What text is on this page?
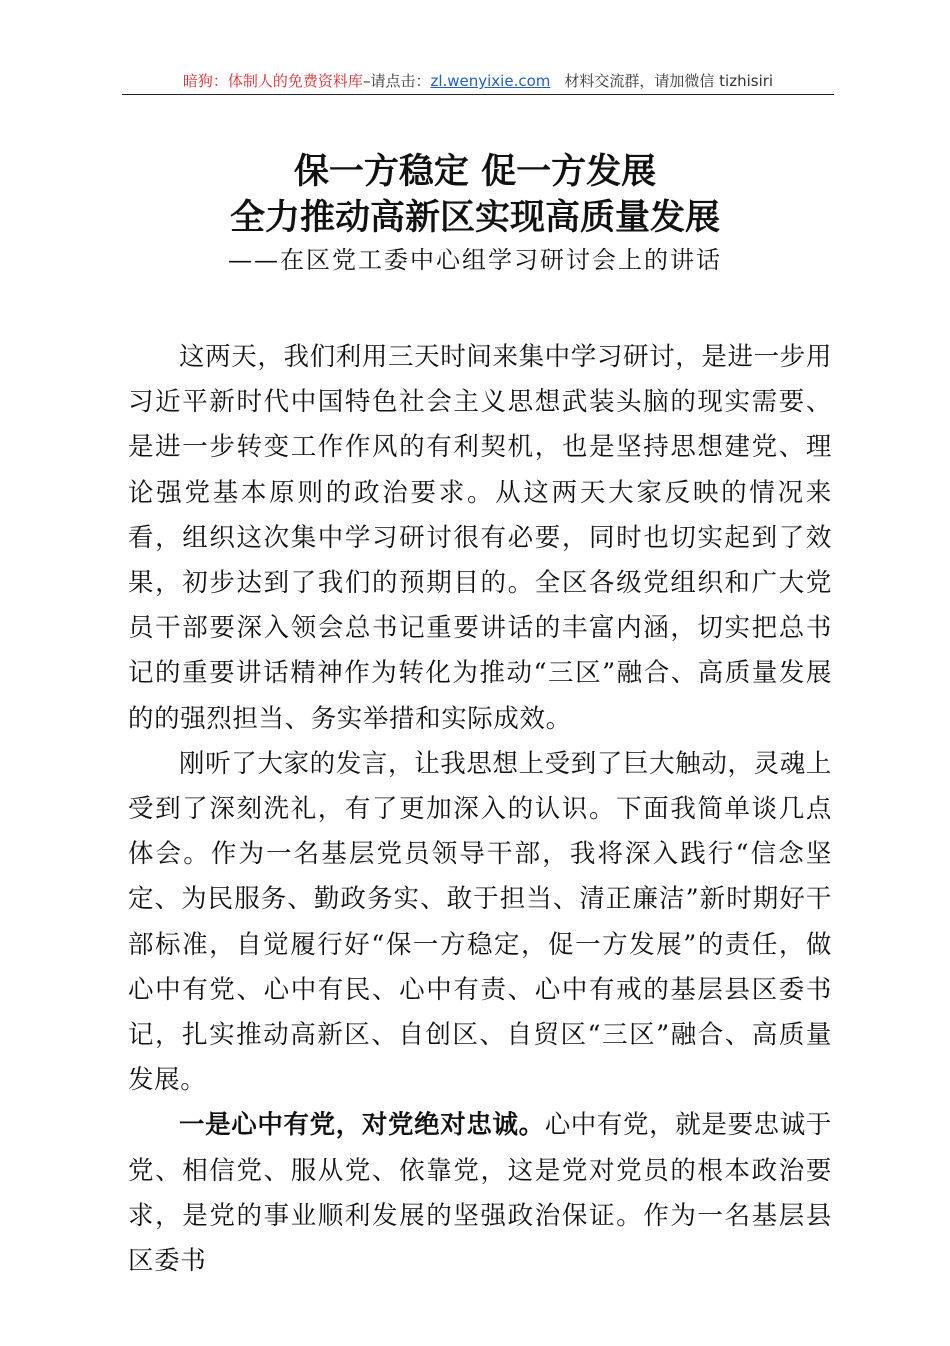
暗狗：体制人的免费资料库–请点击：zl.wenyixie.com 材料交流群，请加微信 tizhisiri
保一方稳定 促一方发展
全力推动高新区实现高质量发展
——在区党工委中心组学习研讨会上的讲话

这两天，我们利用三天时间来集中学习研讨，是进一步用习近平新时代中国特色社会主义思想武装头脑的现实需要、是进一步转变工作作风的有利契机，也是坚持思想建党、理论强党基本原则的政治要求。从这两天大家反映的情况来看，组织这次集中学习研讨很有必要，同时也切实起到了效果，初步达到了我们的预期目的。全区各级党组织和广大党员干部要深入领会总书记重要讲话的丰富内涵，切实把总书记的重要讲话精神作为转化为推动“三区”融合、高质量发展的的强烈担当、务实举措和实际成效。

刚听了大家的发言，让我思想上受到了巨大触动，灵魂上受到了深刻洗礼，有了更加深入的认识。下面我简单谈几点体会。作为一名基层党员领导干部，我将深入践行“信念坚定、为民服务、勤政务实、敢于担当、清正廉洁”新时期好干部标准，自觉履行好“保一方稳定，促一方发展”的责任，做心中有党、心中有民、心中有责、心中有戒的基层县区委书记，扎实推动高新区、自创区、自贸区“三区”融合、高质量发展。

一是心中有党，对党绝对忠诚。心中有党，就是要忠诚于党、相信党、服从党、依靠党，这是党对党员的根本政治要求，是党的事业顺利发展的坚强政治保证。作为一名基层县区委书
